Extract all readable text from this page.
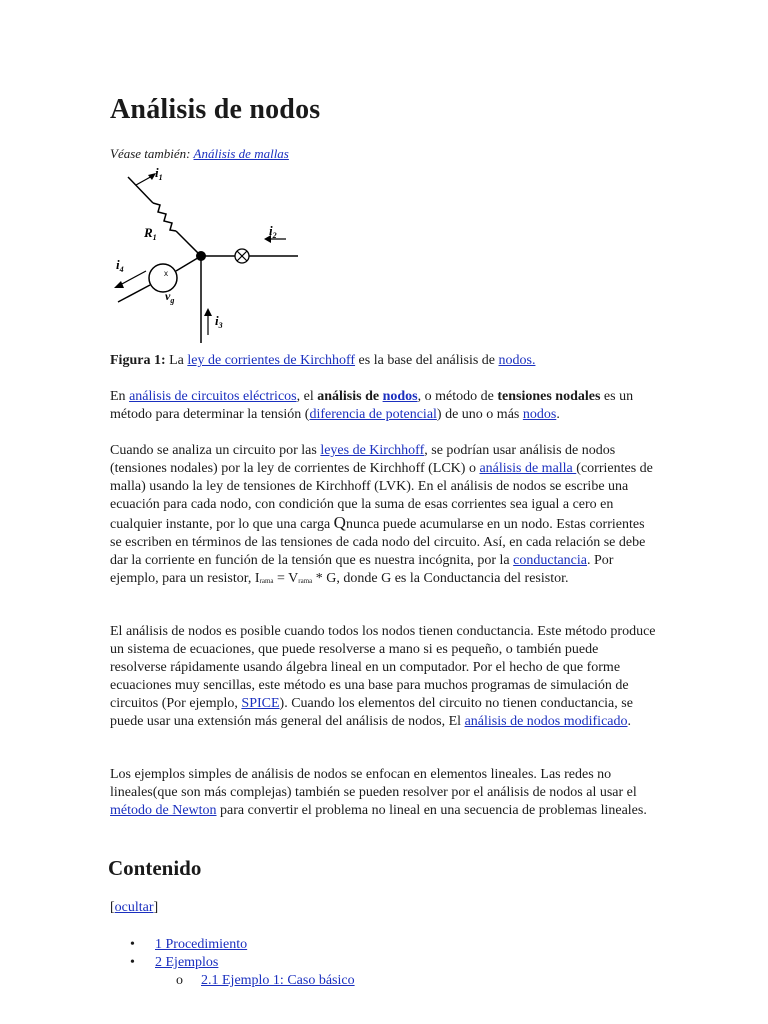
Análisis de nodos
Véase también: Análisis de mallas
$i_1$
$R_1$	$i_2$
$i_4$	x
$v_g$
$i_3$
Figura 1: La ley de corrientes de Kirchhoff es la base del análisis de nodos.

En análisis de circuitos eléctricos, el análisis de nodos, o método de tensiones nodales es un método para determinar la tensión (diferencia de potencial) de uno o más nodos.

Cuando se analiza un circuito por las leyes de Kirchhoff, se podrían usar análisis de nodos (tensiones nodales) por la ley de corrientes de Kirchhoff (LCK) o análisis de malla (corrientes de malla) usando la ley de tensiones de Kirchhoff (LVK). En el análisis de nodos se escribe una ecuación para cada nodo, con condición que la suma de esas corrientes sea igual a cero en cualquier instante, por lo que una carga Qnunca puede acumularse en un nodo. Estas corrientes se escriben en términos de las tensiones de cada nodo del circuito. Así, en cada relación se debe dar la corriente en función de la tensión que es nuestra incógnita, por la conductancia. Por ejemplo, para un resistor, $I_{rama} = V_{rama} * G$, donde G es la Conductancia del resistor.

El análisis de nodos es posible cuando todos los nodos tienen conductancia. Este método produce un sistema de ecuaciones, que puede resolverse a mano si es pequeño, o también puede resolverse rápidamente usando álgebra lineal en un computador. Por el hecho de que forme ecuaciones muy sencillas, este método es una base para muchos programas de simulación de circuitos (Por ejemplo, SPICE). Cuando los elementos del circuito no tienen conductancia, se puede usar una extensión más general del análisis de nodos, El análisis de nodos modificado.

Los ejemplos simples de análisis de nodos se enfocan en elementos lineales. Las redes no lineales(que son más complejas) también se pueden resolver por el análisis de nodos al usar el método de Newton para convertir el problema no lineal en una secuencia de problemas lineales.

Contenido
[ocultar]
• 1 Procedimiento
• 2 Ejemplos
o 2.1 Ejemplo 1: Caso básico
